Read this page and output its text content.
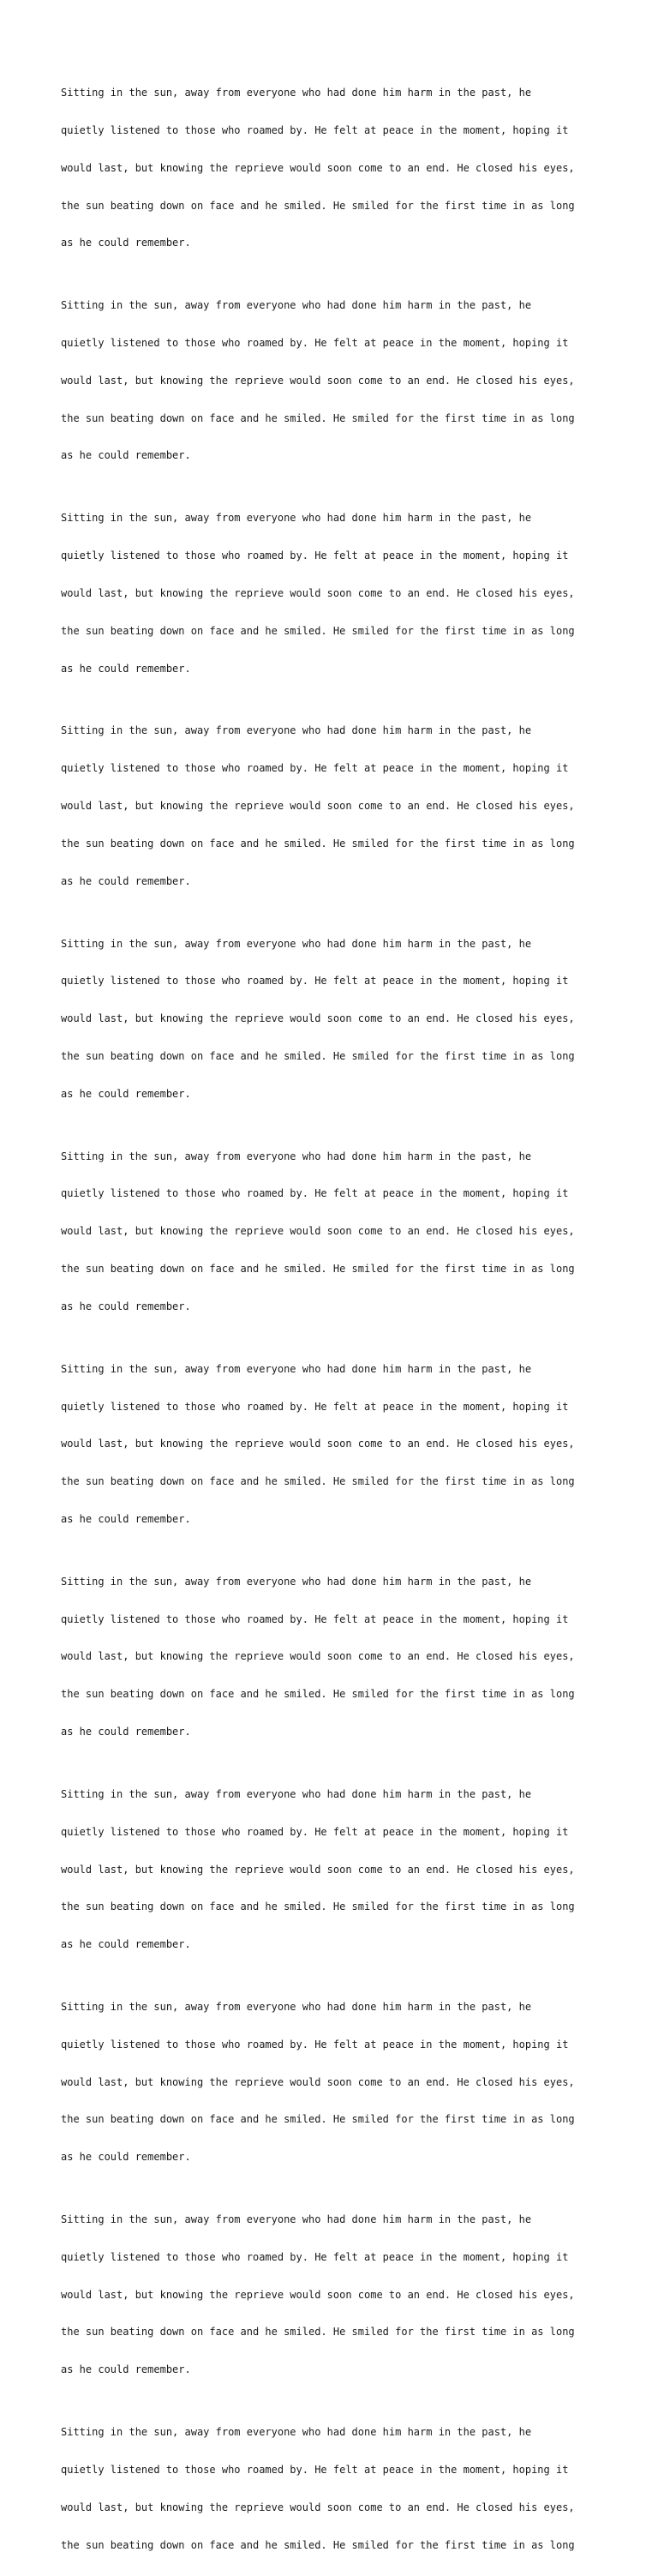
Sitting in the sun, away from everyone who had done him harm in the past, he

quietly listened to those who roamed by. He felt at peace in the moment, hoping it

would last, but knowing the reprieve would soon come to an end. He closed his eyes,

the sun beating down on face and he smiled. He smiled for the first time in as long

as he could remember.

Sitting in the sun, away from everyone who had done him harm in the past, he

quietly listened to those who roamed by. He felt at peace in the moment, hoping it

would last, but knowing the reprieve would soon come to an end. He closed his eyes,

the sun beating down on face and he smiled. He smiled for the first time in as long

as he could remember.

Sitting in the sun, away from everyone who had done him harm in the past, he

quietly listened to those who roamed by. He felt at peace in the moment, hoping it

would last, but knowing the reprieve would soon come to an end. He closed his eyes,

the sun beating down on face and he smiled. He smiled for the first time in as long

as he could remember.

Sitting in the sun, away from everyone who had done him harm in the past, he

quietly listened to those who roamed by. He felt at peace in the moment, hoping it

would last, but knowing the reprieve would soon come to an end. He closed his eyes,

the sun beating down on face and he smiled. He smiled for the first time in as long

as he could remember.

Sitting in the sun, away from everyone who had done him harm in the past, he

quietly listened to those who roamed by. He felt at peace in the moment, hoping it

would last, but knowing the reprieve would soon come to an end. He closed his eyes,

the sun beating down on face and he smiled. He smiled for the first time in as long

as he could remember.

Sitting in the sun, away from everyone who had done him harm in the past, he

quietly listened to those who roamed by. He felt at peace in the moment, hoping it

would last, but knowing the reprieve would soon come to an end. He closed his eyes,

the sun beating down on face and he smiled. He smiled for the first time in as long

as he could remember.

Sitting in the sun, away from everyone who had done him harm in the past, he

quietly listened to those who roamed by. He felt at peace in the moment, hoping it

would last, but knowing the reprieve would soon come to an end. He closed his eyes,

the sun beating down on face and he smiled. He smiled for the first time in as long

as he could remember.

Sitting in the sun, away from everyone who had done him harm in the past, he

quietly listened to those who roamed by. He felt at peace in the moment, hoping it

would last, but knowing the reprieve would soon come to an end. He closed his eyes,

the sun beating down on face and he smiled. He smiled for the first time in as long

as he could remember.

Sitting in the sun, away from everyone who had done him harm in the past, he

quietly listened to those who roamed by. He felt at peace in the moment, hoping it

would last, but knowing the reprieve would soon come to an end. He closed his eyes,

the sun beating down on face and he smiled. He smiled for the first time in as long

as he could remember.

Sitting in the sun, away from everyone who had done him harm in the past, he

quietly listened to those who roamed by. He felt at peace in the moment, hoping it

would last, but knowing the reprieve would soon come to an end. He closed his eyes,

the sun beating down on face and he smiled. He smiled for the first time in as long

as he could remember.

Sitting in the sun, away from everyone who had done him harm in the past, he

quietly listened to those who roamed by. He felt at peace in the moment, hoping it

would last, but knowing the reprieve would soon come to an end. He closed his eyes,

the sun beating down on face and he smiled. He smiled for the first time in as long

as he could remember.

Sitting in the sun, away from everyone who had done him harm in the past, he

quietly listened to those who roamed by. He felt at peace in the moment, hoping it

would last, but knowing the reprieve would soon come to an end. He closed his eyes,

the sun beating down on face and he smiled. He smiled for the first time in as long
